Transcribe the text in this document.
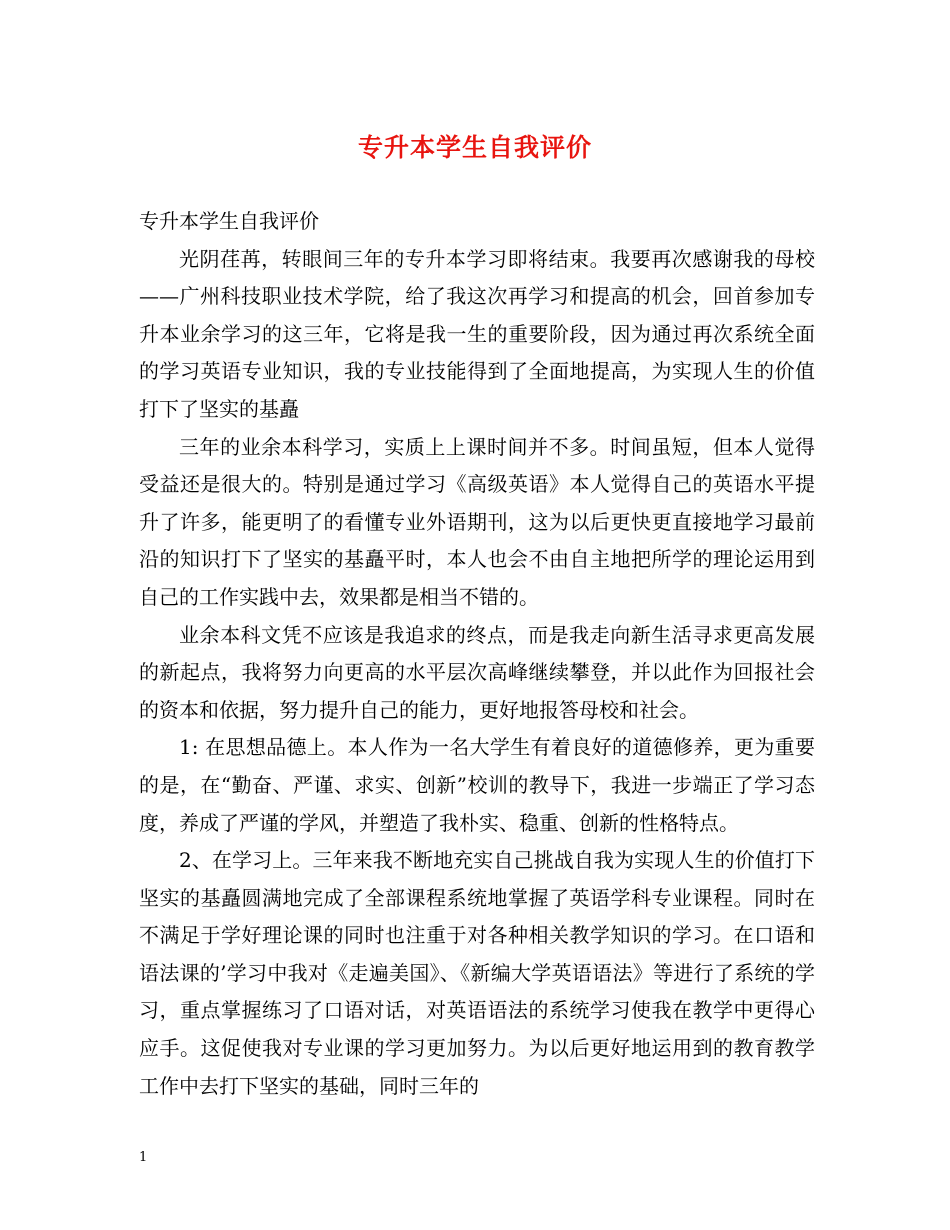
专升本学生自我评价

专升本学生自我评价

光阴荏苒，转眼间三年的专升本学习即将结束。我要再次感谢我的母校——广州科技职业技术学院，给了我这次再学习和提高的机会，回首参加专升本业余学习的这三年，它将是我一生的重要阶段，因为通过再次系统全面的学习英语专业知识，我的专业技能得到了全面地提高，为实现人生的价值打下了坚实的基矗

三年的业余本科学习，实质上上课时间并不多。时间虽短，但本人觉得受益还是很大的。特别是通过学习《高级英语》本人觉得自己的英语水平提升了许多，能更明了的看懂专业外语期刊，这为以后更快更直接地学习最前沿的知识打下了坚实的基矗平时，本人也会不由自主地把所学的理论运用到自己的工作实践中去，效果都是相当不错的。

业余本科文凭不应该是我追求的终点，而是我走向新生活寻求更高发展的新起点，我将努力向更高的水平层次高峰继续攀登，并以此作为回报社会的资本和依据，努力提升自己的能力，更好地报答母校和社会。

1: 在思想品德上。本人作为一名大学生有着良好的道德修养，更为重要的是，在“勤奋、严谨、求实、创新”校训的教导下，我进一步端正了学习态度，养成了严谨的学风，并塑造了我朴实、稳重、创新的性格特点。

2、在学习上。三年来我不断地充实自己挑战自我为实现人生的价值打下坚实的基矗圆满地完成了全部课程系统地掌握了英语学科专业课程。同时在不满足于学好理论课的同时也注重于对各种相关教学知识的学习。在口语和语法课的’学习中我对《走遍美国》、《新编大学英语语法》等进行了系统的学习，重点掌握练习了口语对话，对英语语法的系统学习使我在教学中更得心应手。这促使我对专业课的学习更加努力。为以后更好地运用到的教育教学工作中去打下坚实的基础，同时三年的

1
